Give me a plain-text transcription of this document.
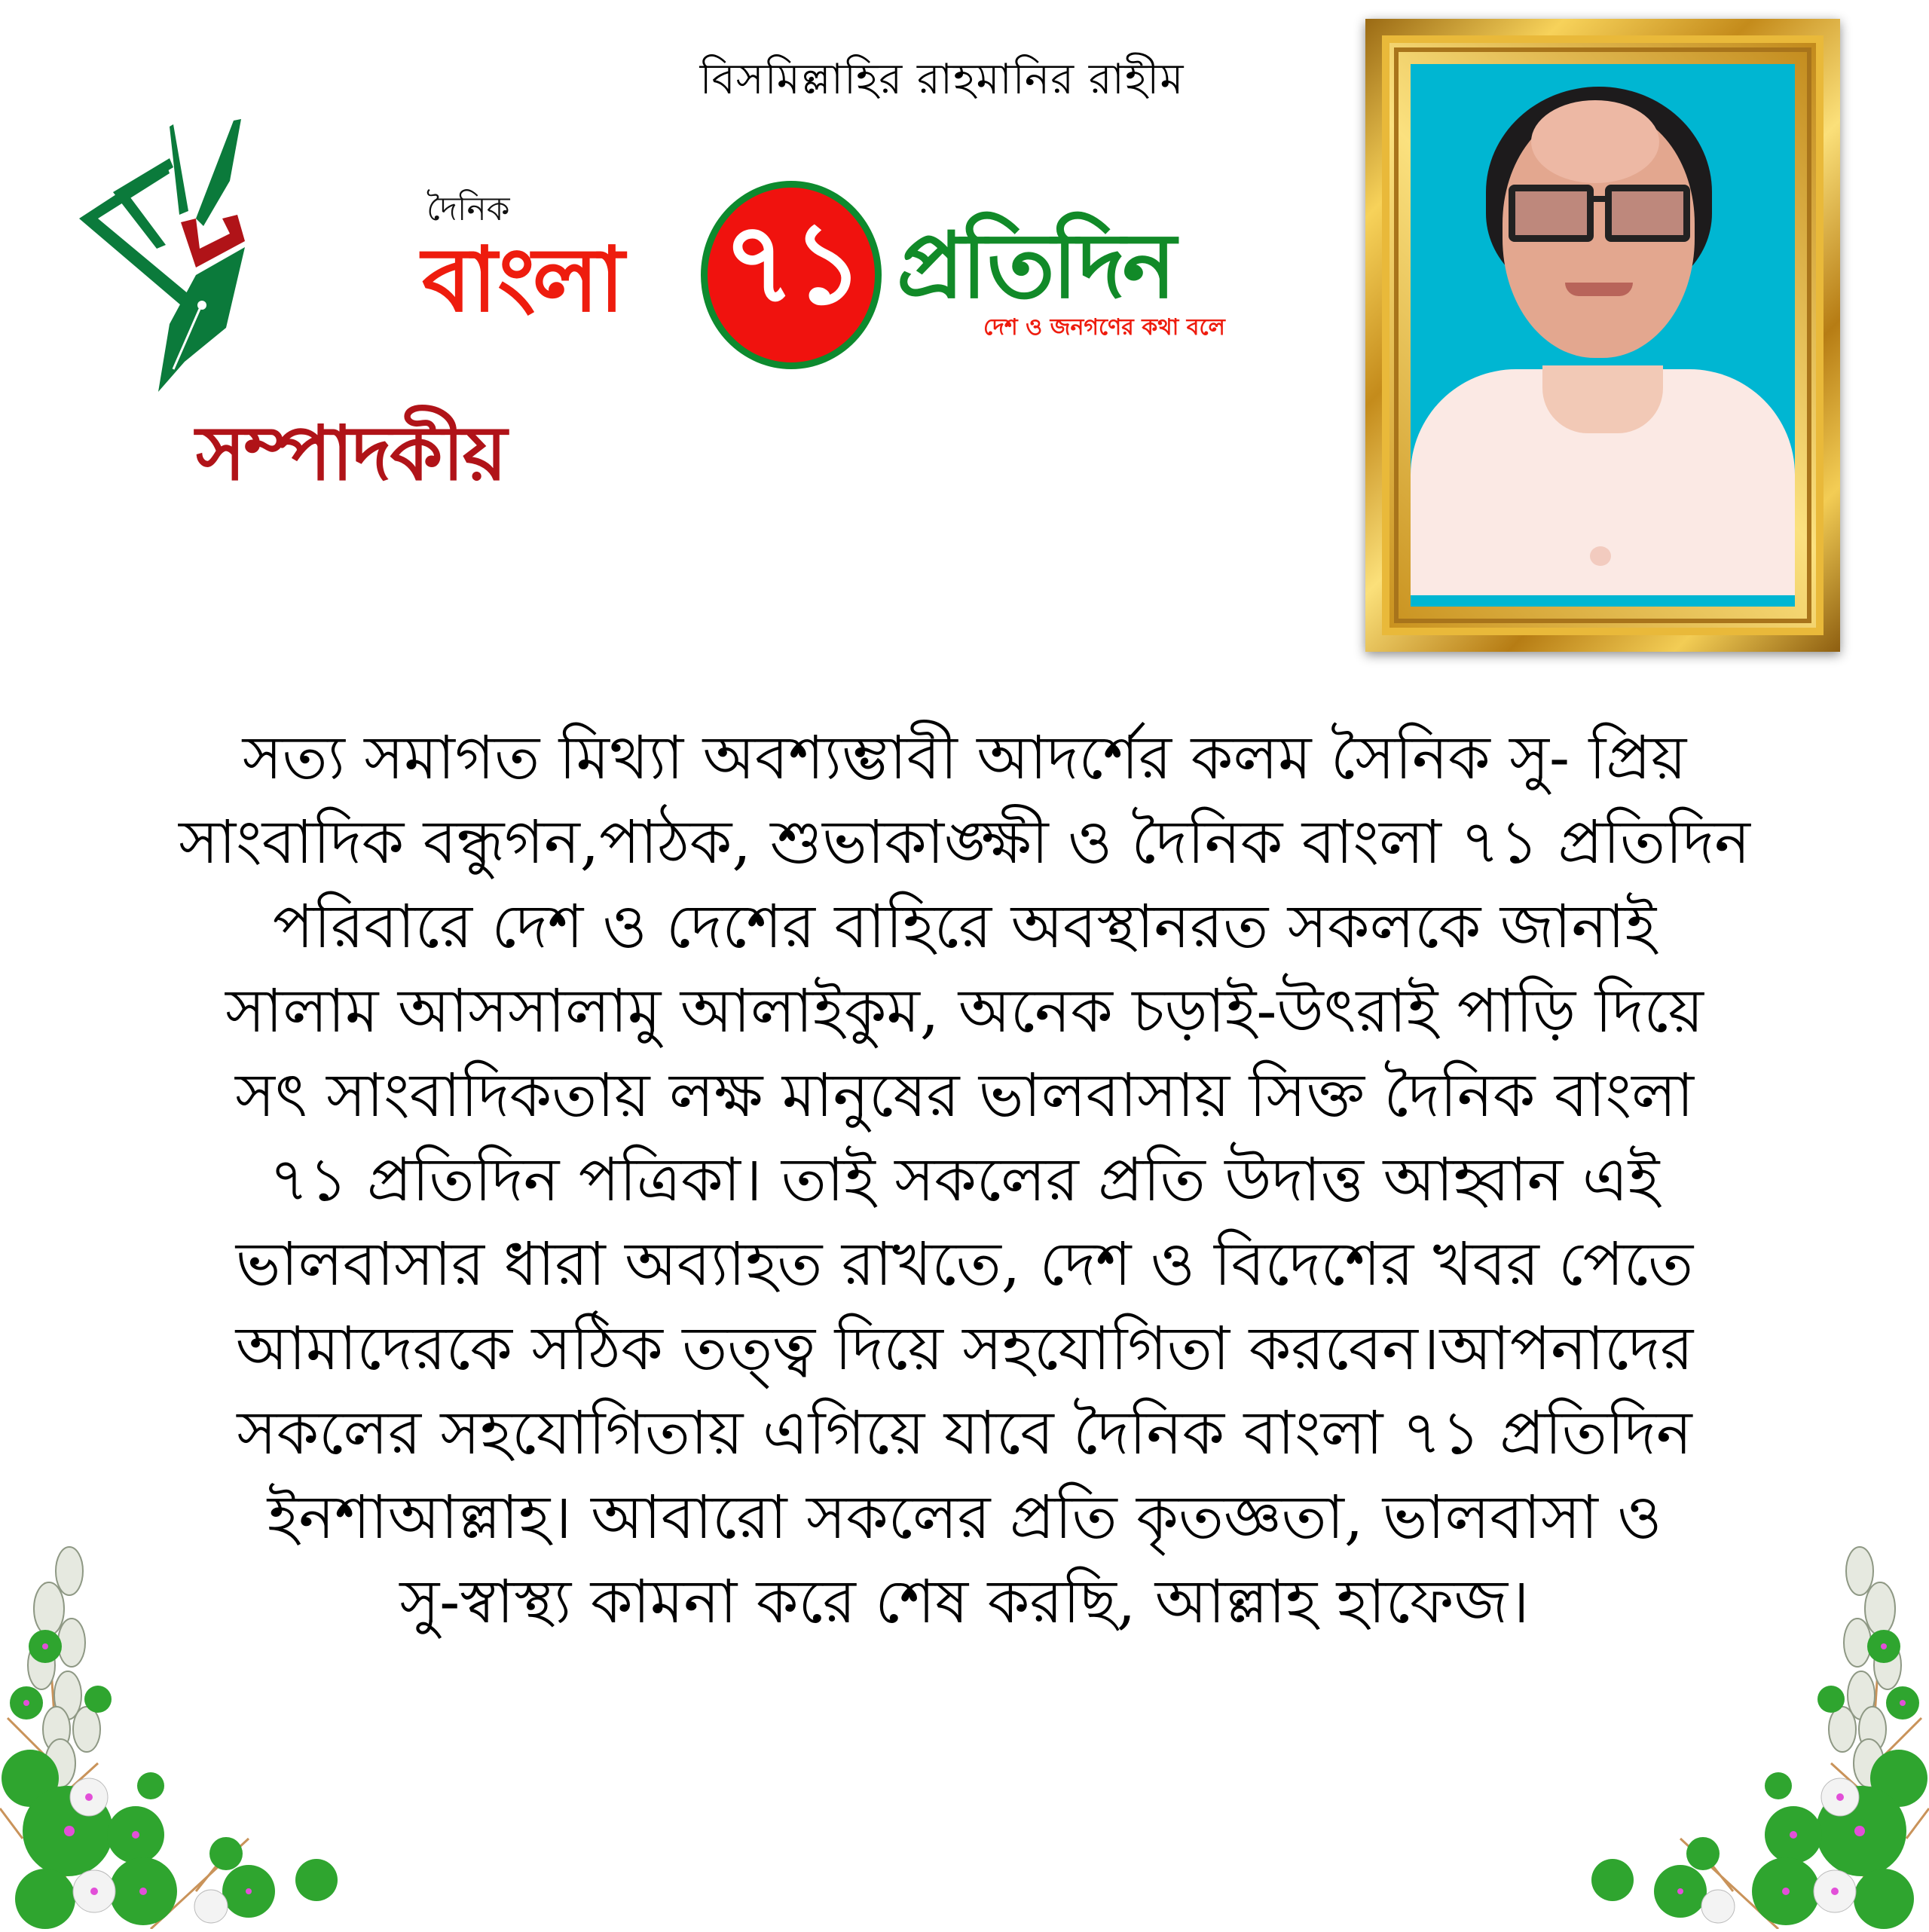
বিসমিল্লাহির রাহমানির রাহীম
সম্পাদকীয়
দৈনিক
বাংলা ৭১ প্রতিদিন
দেশ ও জনগণের কথা বলে
সত্য সমাগত মিথ্যা অবশ্যম্ভাবী আদর্শের কলম সৈনিক সু- প্রিয়
সাংবাদিক বন্ধুগন,পাঠক, শুভাকাঙ্ক্ষী ও দৈনিক বাংলা ৭১ প্রতিদিন
পরিবারে দেশ ও দেশের বাহিরে অবস্থানরত সকলকে জানাই
সালাম আসসালামু আলাইকুম, অনেক চড়াই-উৎরাই পাড়ি দিয়ে
সৎ সাংবাদিকতায় লক্ষ মানুষের ভালবাসায় সিক্ত দৈনিক বাংলা
৭১ প্রতিদিন পত্রিকা। তাই সকলের প্রতি উদাত্ত আহ্বান এই
ভালবাসার ধারা অব্যাহত রাখতে, দেশ ও বিদেশের খবর পেতে
আমাদেরকে সঠিক তত্ত্ব দিয়ে সহযোগিতা করবেন।আপনাদের
সকলের সহযোগিতায় এগিয়ে যাবে দৈনিক বাংলা ৭১ প্রতিদিন
ইনশাআল্লাহ। আবারো সকলের প্রতি কৃতজ্ঞতা, ভালবাসা ও
সু-স্বাস্থ্য কামনা করে শেষ করছি, আল্লাহ হাফেজ।
